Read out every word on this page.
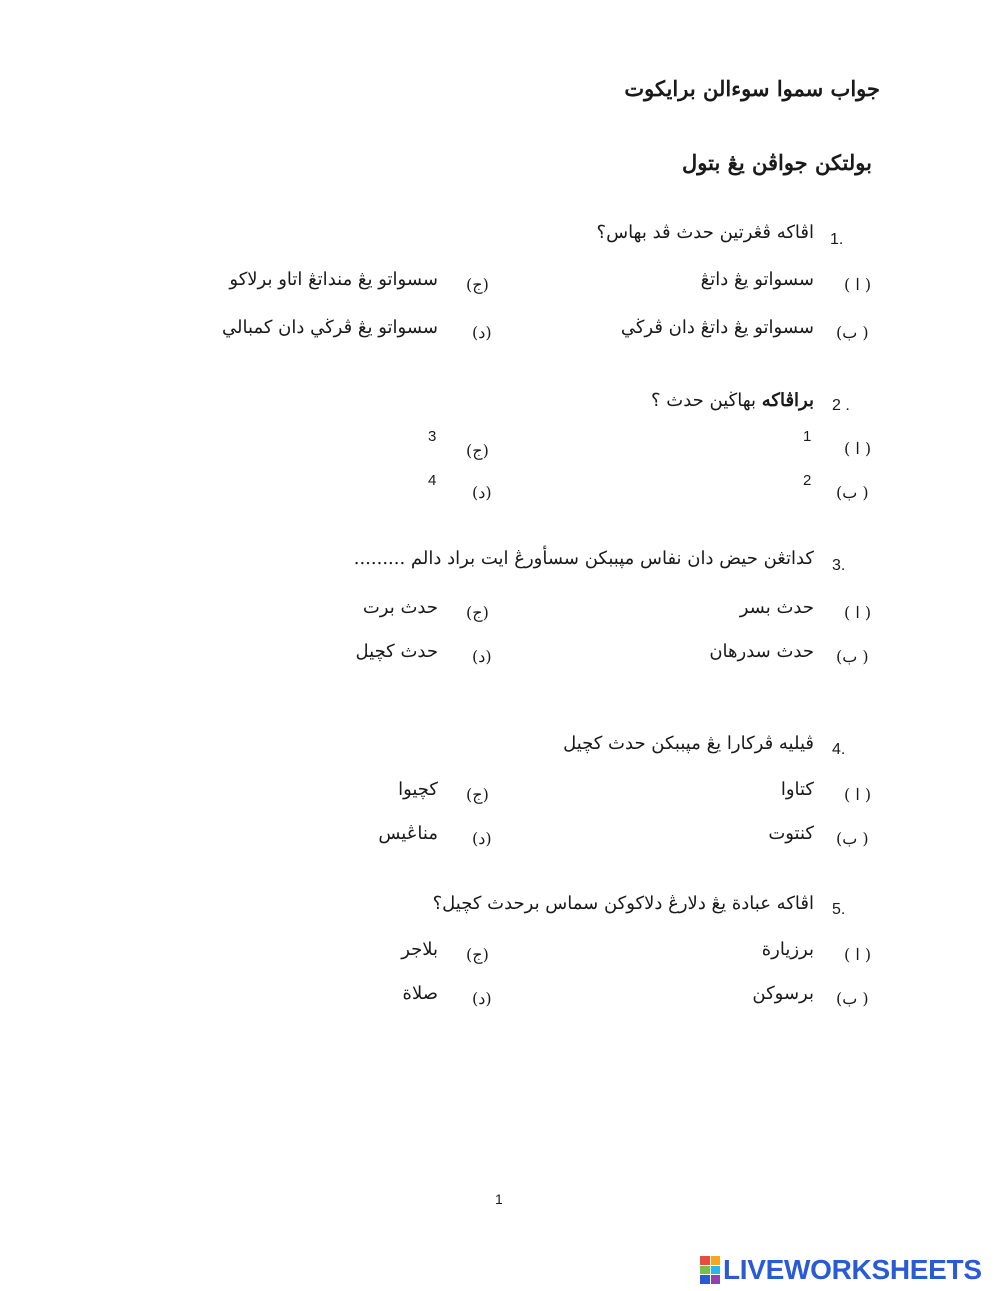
جواب سموا سوءالن برايكوت
بولتكن جواڤن يڠ بتول
1.
اڤاكه ڤڠرتين حدث ڤد بهاس؟
( ا )
سسواتو يڠ داتڠ
(ج)
سسواتو يڠ منداتڠ اتاو برلاكو
(ب )
سسواتو يڠ داتڠ دان ڤرڬي
(د)
سسواتو يڠ ڤرڬي دان كمبالي
2 .
براڤاكه بهاڬين حدث ؟
( ا )
1
(ج)
3
(ب )
2
(د)
4
3.
كداتڠن حيض دان نفاس مپببكن سسأورڠ ايت براد دالم .........
( ا )
حدث بسر
(ج)
حدث برت
(ب )
حدث سدرهان
(د)
حدث كچيل
4.
ڤيليه ڤركارا يڠ مپببكن حدث كچيل
( ا )
كتاوا
(ج)
كچيوا
(ب )
كنتوت
(د)
مناڠيس
5.
اڤاكه عبادة يڠ دلارڠ دلاكوكن سماس برحدث كچيل؟
( ا )
برزيارة
(ج)
بلاجر
(ب )
برسوكن
(د)
صلاة
1
LIVEWORKSHEETS
